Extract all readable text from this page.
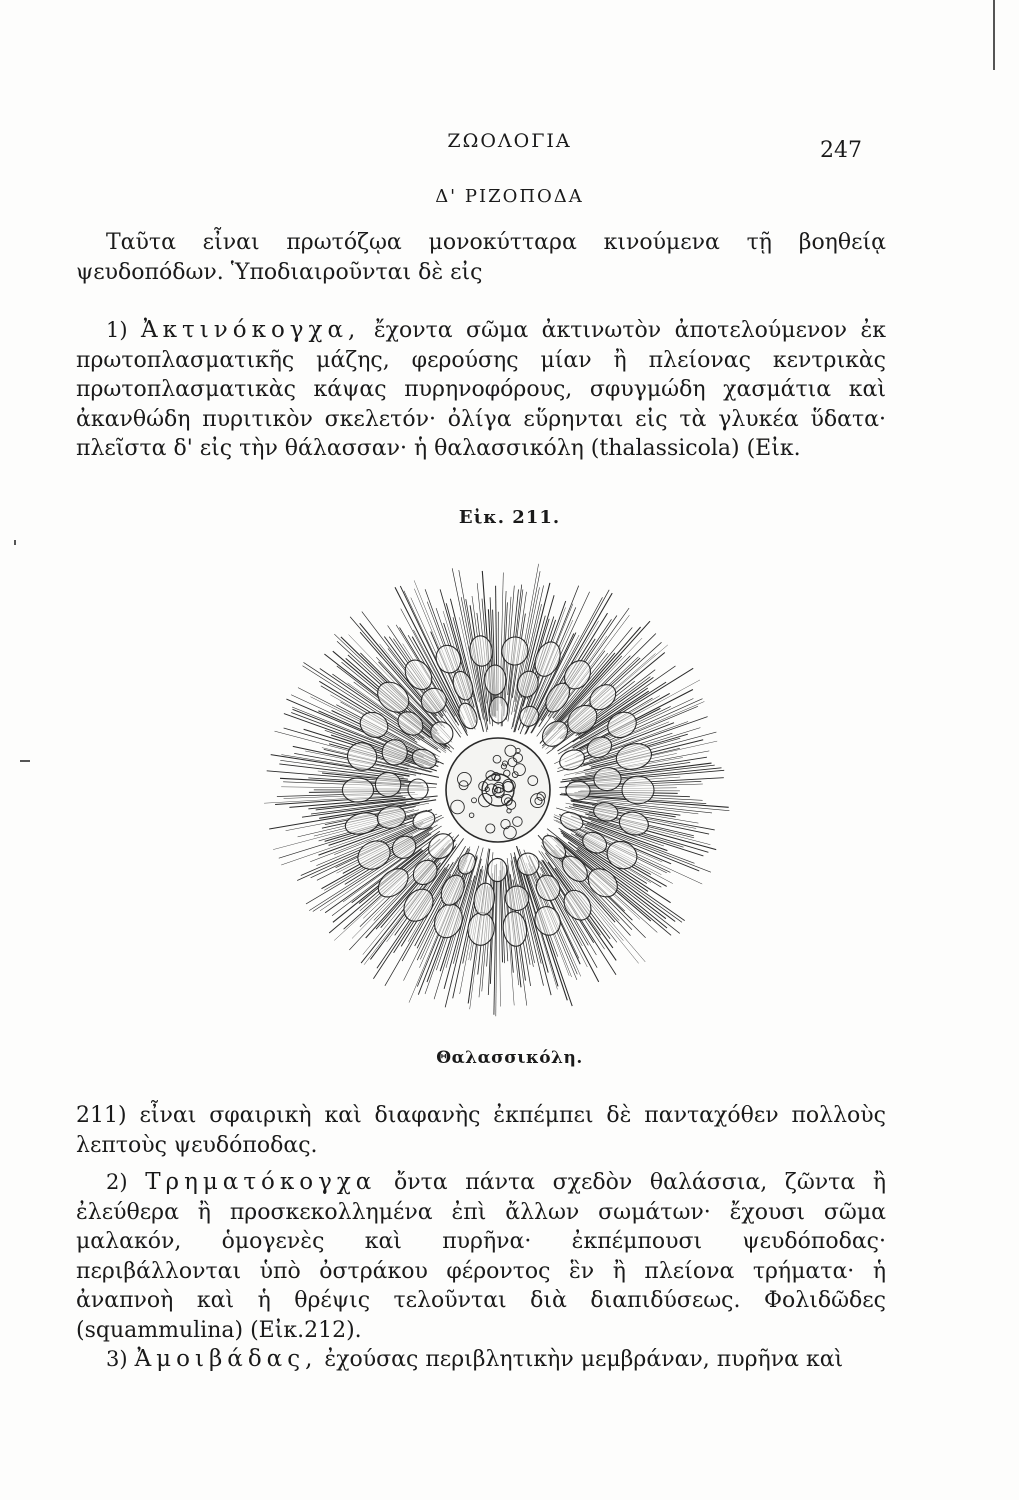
ΖΩΟΛΟΓΙΑ	247
Δ' ΡΙΖΟΠΟΔΑ
Ταῦτα εἶναι πρωτόζῳα μονοκύτταρα κινούμενα τῇ βοηθείᾳ ψευδοπόδων. Ὑποδιαιροῦνται δὲ εἰς
1) Ἀκτινόκογχα, ἔχοντα σῶμα ἀκτινωτὸν ἀποτελούμενον ἐκ πρωτοπλασματικῆς μάζης, φερούσης μίαν ἢ πλείονας κεντρικὰς πρωτοπλασματικὰς κάψας πυρηνοφόρους, σφυγμώδη χασμάτια καὶ ἀκανθώδη πυριτικὸν σκελετόν· ὀλίγα εὕρηνται εἰς τὰ γλυκέα ὕδατα· πλεῖστα δ' εἰς τὴν θάλασσαν· ἡ θαλασσικόλη (thalassicola) (Εἰκ.
Εἰκ. 211.
Θαλασσικόλη.
211) εἶναι σφαιρικὴ καὶ διαφανὴς ἐκπέμπει δὲ πανταχόθεν πολλοὺς λεπτοὺς ψευδόποδας.
2) Τρηματόκογχα ὄντα πάντα σχεδὸν θαλάσσια, ζῶντα ἢ ἐλεύθερα ἢ προσκεκολλημένα ἐπὶ ἄλλων σωμάτων· ἔχουσι σῶμα μαλακόν, ὁμογενὲς καὶ πυρῆνα· ἐκπέμπουσι ψευδόποδας· περιβάλλονται ὑπὸ ὀστράκου φέροντος ἓν ἢ πλείονα τρήματα· ἡ ἀναπνοὴ καὶ ἡ θρέψις τελοῦνται διὰ διαπιδύσεως. Φολιδῶδες (squammulina) (Εἰκ.212).
3) Ἀμοιβάδας, ἐχούσας περιβλητικὴν μεμβράναν, πυρῆνα καὶ
